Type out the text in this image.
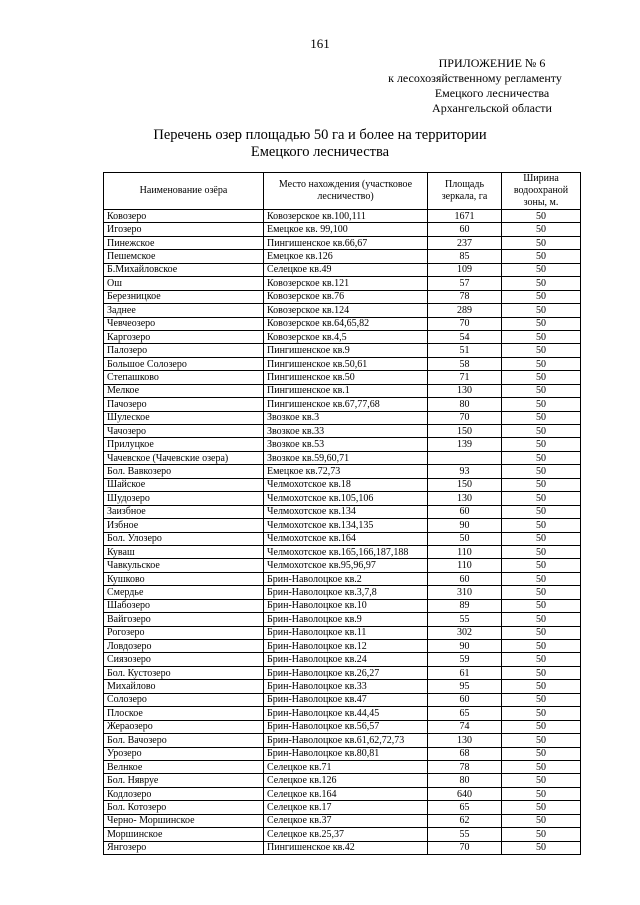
161
ПРИЛОЖЕНИЕ № 6
к лесохозяйственному регламенту
Емецкого лесничества
Архангельской области
Перечень озер площадью 50 га и более на территории
Емецкого лесничества
Наименование озёра	Место нахождения (участковое лесничество)	Площадь зеркала, га	Ширина водоохраной зоны, м.
Ковозеро	Ковозерское кв.100,111	1671	50
Игозеро	Емецкое кв. 99,100	60	50
Пинежское	Пингишенское кв.66,67	237	50
Пешемское	Емецкое кв.126	85	50
Б.Михайловское	Селецкое кв.49	109	50
Ош	Ковозерское кв.121	57	50
Березницкое	Ковозерское кв.76	78	50
Заднее	Ковозерское кв.124	289	50
Чевчеозеро	Ковозерское кв.64,65,82	70	50
Каргозеро	Ковозерское кв.4,5	54	50
Палозеро	Пингишенское кв.9	51	50
Большое Солозеро	Пингишенское кв.50,61	58	50
Степашково	Пингишенское кв.50	71	50
Мелкое	Пингишенское кв.1	130	50
Пачозеро	Пингишенское кв.67,77,68	80	50
Шулеское	Звозкое кв.3	70	50
Чачозеро	Звозкое кв.33	150	50
Прилуцкое	Звозкое кв.53	139	50
Чачевское (Чачевские озера)	Звозкое кв.59,60,71		50
Бол. Вавкозеро	Емецкое кв.72,73	93	50
Шайское	Челмохотское кв.18	150	50
Шудозеро	Челмохотское кв.105,106	130	50
Заизбное	Челмохотское кв.134	60	50
Избное	Челмохотское кв.134,135	90	50
Бол. Улозеро	Челмохотское кв.164	50	50
Куваш	Челмохотское кв.165,166,187,188	110	50
Чавкульское	Челмохотское кв.95,96,97	110	50
Кушково	Брин-Наволоцкое кв.2	60	50
Смердье	Брин-Наволоцкое кв.3,7,8	310	50
Шабозеро	Брин-Наволоцкое кв.10	89	50
Вайгозеро	Брин-Наволоцкое кв.9	55	50
Рогозеро	Брин-Наволоцкое кв.11	302	50
Ловдозеро	Брин-Наволоцкое кв.12	90	50
Сиязозеро	Брин-Наволоцкое кв.24	59	50
Бол. Кустозеро	Брин-Наволоцкое кв.26,27	61	50
Михайлово	Брин-Наволоцкое кв.33	95	50
Солозеро	Брин-Наволоцкое кв.47	60	50
Плоское	Брин-Наволоцкое кв.44,45	65	50
Жераозеро	Брин-Наволоцкое кв.56,57	74	50
Бол. Вачозеро	Брин-Наволоцкое кв.61,62,72,73	130	50
Урозеро	Брин-Наволоцкое кв.80,81	68	50
Велнкое	Селецкое кв.71	78	50
Бол. Нявруе	Селецкое кв.126	80	50
Кодлозеро	Селецкое кв.164	640	50
Бол. Котозеро	Селецкое кв.17	65	50
Черно- Моршинское	Селецкое кв.37	62	50
Моршинское	Селецкое кв.25,37	55	50
Янгозеро	Пингишенское кв.42	70	50
